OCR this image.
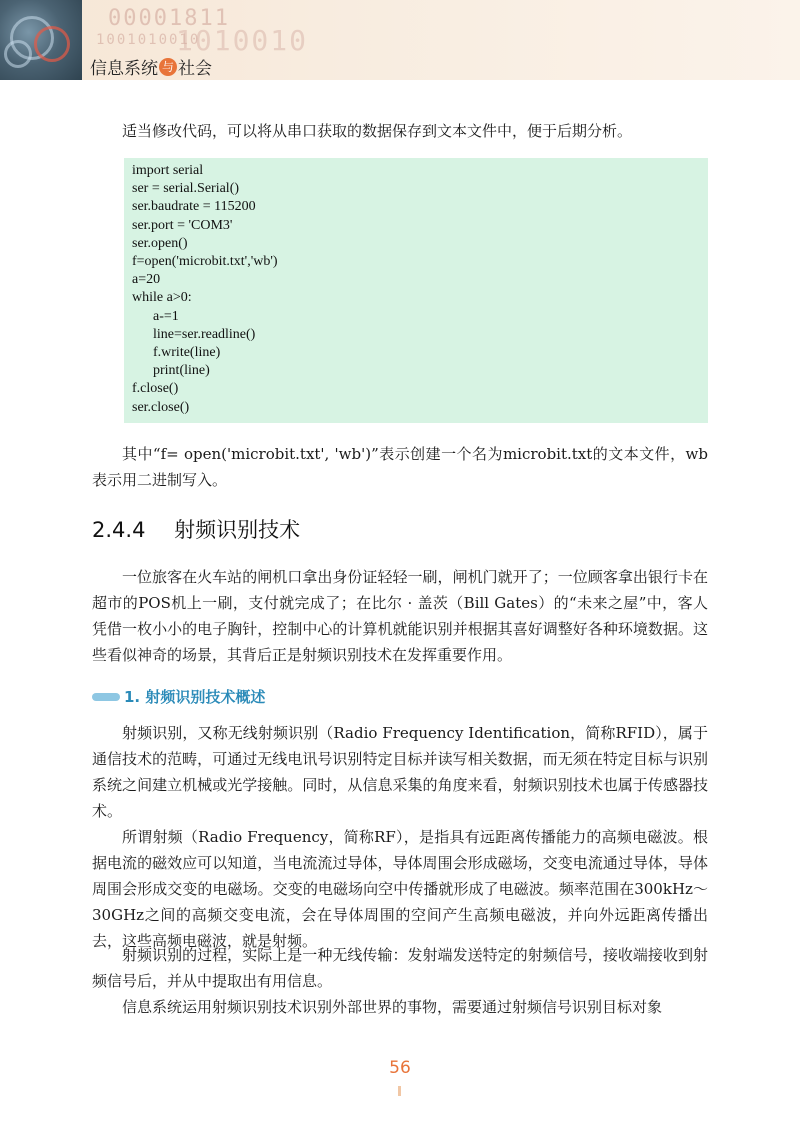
00001811
1001010010
1010010
信息系统 与 社会

适当修改代码，可以将从串口获取的数据保存到文本文件中，便于后期分析。

import serial
ser = serial.Serial()
ser.baudrate = 115200
ser.port = 'COM3'
ser.open()
f=open('microbit.txt','wb')
a=20
while a>0:
a-=1
line=ser.readline()
f.write(line)
print(line)
f.close()
ser.close()

其中“f= open('microbit.txt', 'wb')”表示创建一个名为microbit.txt的文本文件，wb表示用二进制写入。

2.4.4 射频识别技术

一位旅客在火车站的闸机口拿出身份证轻轻一刷，闸机门就开了；一位顾客拿出银行卡在超市的POS机上一刷，支付就完成了；在比尔 · 盖茨（Bill Gates）的“未来之屋”中，客人凭借一枚小小的电子胸针，控制中心的计算机就能识别并根据其喜好调整好各种环境数据。这些看似神奇的场景，其背后正是射频识别技术在发挥重要作用。

1. 射频识别技术概述

射频识别，又称无线射频识别（Radio Frequency Identification，简称RFID），属于通信技术的范畴，可通过无线电讯号识别特定目标并读写相关数据，而无须在特定目标与识别系统之间建立机械或光学接触。同时，从信息采集的角度来看，射频识别技术也属于传感器技术。

所谓射频（Radio Frequency，简称RF），是指具有远距离传播能力的高频电磁波。根据电流的磁效应可以知道，当电流流过导体，导体周围会形成磁场，交变电流通过导体，导体周围会形成交变的电磁场。交变的电磁场向空中传播就形成了电磁波。频率范围在300kHz～30GHz之间的高频交变电流，会在导体周围的空间产生高频电磁波，并向外远距离传播出去，这些高频电磁波，就是射频。

射频识别的过程，实际上是一种无线传输：发射端发送特定的射频信号，接收端接收到射频信号后，并从中提取出有用信息。

信息系统运用射频识别技术识别外部世界的事物，需要通过射频信号识别目标对象

56
